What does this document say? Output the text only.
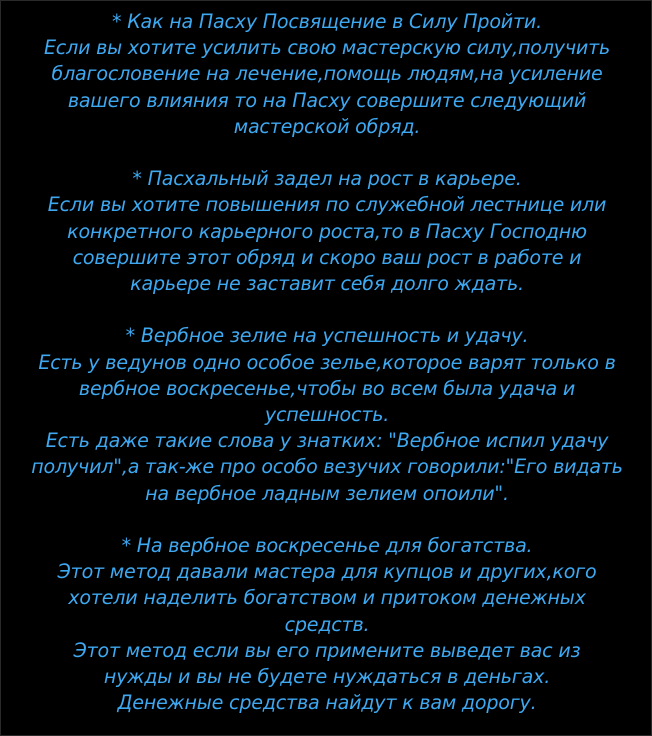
* Как на Пасху Посвящение в Силу Пройти.
Если вы хотите усилить свою мастерскую силу,получить
благословение на лечение,помощь людям,на усиление
вашего влияния то на Пасху совершите следующий
мастерской обряд.
* Пасхальный задел на рост в карьере.
Если вы хотите повышения по служебной лестнице или
конкретного карьерного роста,то в Пасху Господню
совершите этот обряд и скоро ваш рост в работе и
карьере не заставит себя долго ждать.
* Вербное зелие на успешность и удачу.
Есть у ведунов одно особое зелье,которое варят только в
вербное воскресенье,чтобы во всем была удача и
успешность.
Есть даже такие слова у знатких: "Вербное испил удачу
получил",а так-же про особо везучих говорили:"Его видать
на вербное ладным зелием опоили".
* На вербное воскресенье для богатства.
Этот метод давали мастера для купцов и других,кого
хотели наделить богатством и притоком денежных
средств.
Этот метод если вы его примените выведет вас из
нужды и вы не будете нуждаться в деньгах.
Денежные средства найдут к вам дорогу.
